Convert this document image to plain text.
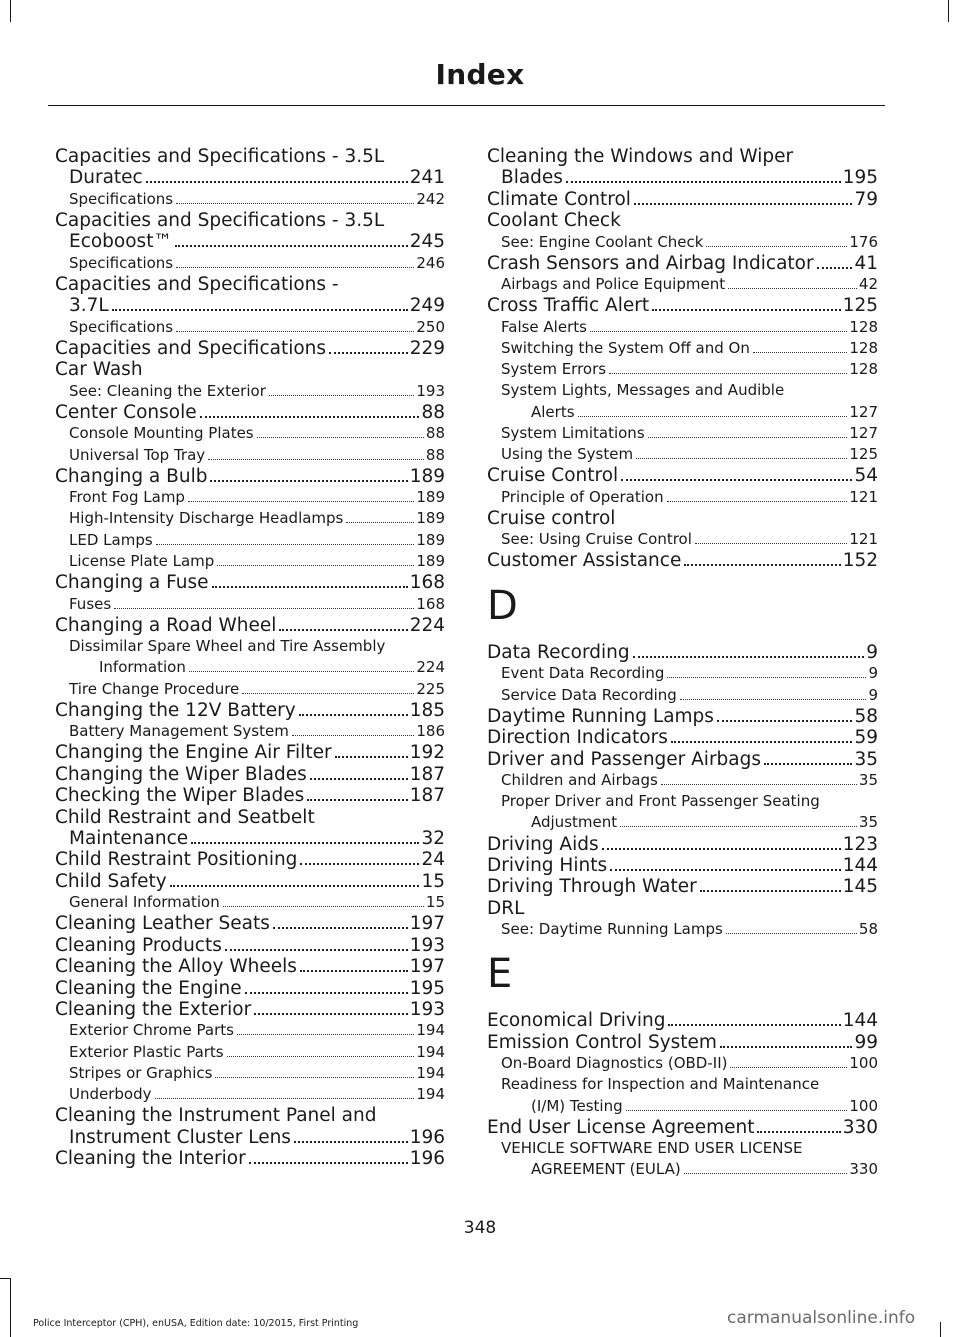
Index
Capacities and Specifications - 3.5L
Duratec	241
Specifications	242
Capacities and Specifications - 3.5L
Ecoboost™	245
Specifications	246
Capacities and Specifications -
3.7L	249
Specifications	250
Capacities and Specifications	229
Car Wash
See: Cleaning the Exterior	193
Center Console	88
Console Mounting Plates	88
Universal Top Tray	88
Changing a Bulb	189
Front Fog Lamp	189
High-Intensity Discharge Headlamps	189
LED Lamps	189
License Plate Lamp	189
Changing a Fuse	168
Fuses	168
Changing a Road Wheel	224
Dissimilar Spare Wheel and Tire Assembly
Information	224
Tire Change Procedure	225
Changing the 12V Battery	185
Battery Management System	186
Changing the Engine Air Filter	192
Changing the Wiper Blades	187
Checking the Wiper Blades	187
Child Restraint and Seatbelt
Maintenance	32
Child Restraint Positioning	24
Child Safety	15
General Information	15
Cleaning Leather Seats	197
Cleaning Products	193
Cleaning the Alloy Wheels	197
Cleaning the Engine	195
Cleaning the Exterior	193
Exterior Chrome Parts	194
Exterior Plastic Parts	194
Stripes or Graphics	194
Underbody	194
Cleaning the Instrument Panel and
Instrument Cluster Lens	196
Cleaning the Interior	196
Cleaning the Windows and Wiper
Blades	195
Climate Control	79
Coolant Check
See: Engine Coolant Check	176
Crash Sensors and Airbag Indicator 41
Airbags and Police Equipment	42
Cross Traffic Alert	125
False Alerts	128
Switching the System Off and On	128
System Errors	128
System Lights, Messages and Audible
Alerts	127
System Limitations	127
Using the System	125
Cruise Control	54
Principle of Operation	121
Cruise control
See: Using Cruise Control	121
Customer Assistance	152
D
Data Recording	9
Event Data Recording	9
Service Data Recording	9
Daytime Running Lamps	58
Direction Indicators	59
Driver and Passenger Airbags	35
Children and Airbags	35
Proper Driver and Front Passenger Seating
Adjustment	35
Driving Aids	123
Driving Hints	144
Driving Through Water	145
DRL
See: Daytime Running Lamps	58
E
Economical Driving	144
Emission Control System	99
On-Board Diagnostics (OBD-II)	100
Readiness for Inspection and Maintenance
(I/M) Testing	100
End User License Agreement	330
VEHICLE SOFTWARE END USER LICENSE
AGREEMENT (EULA)	330
348
Police Interceptor (CPH), enUSA, Edition date: 10/2015, First Printing	carmanualsonline.info
